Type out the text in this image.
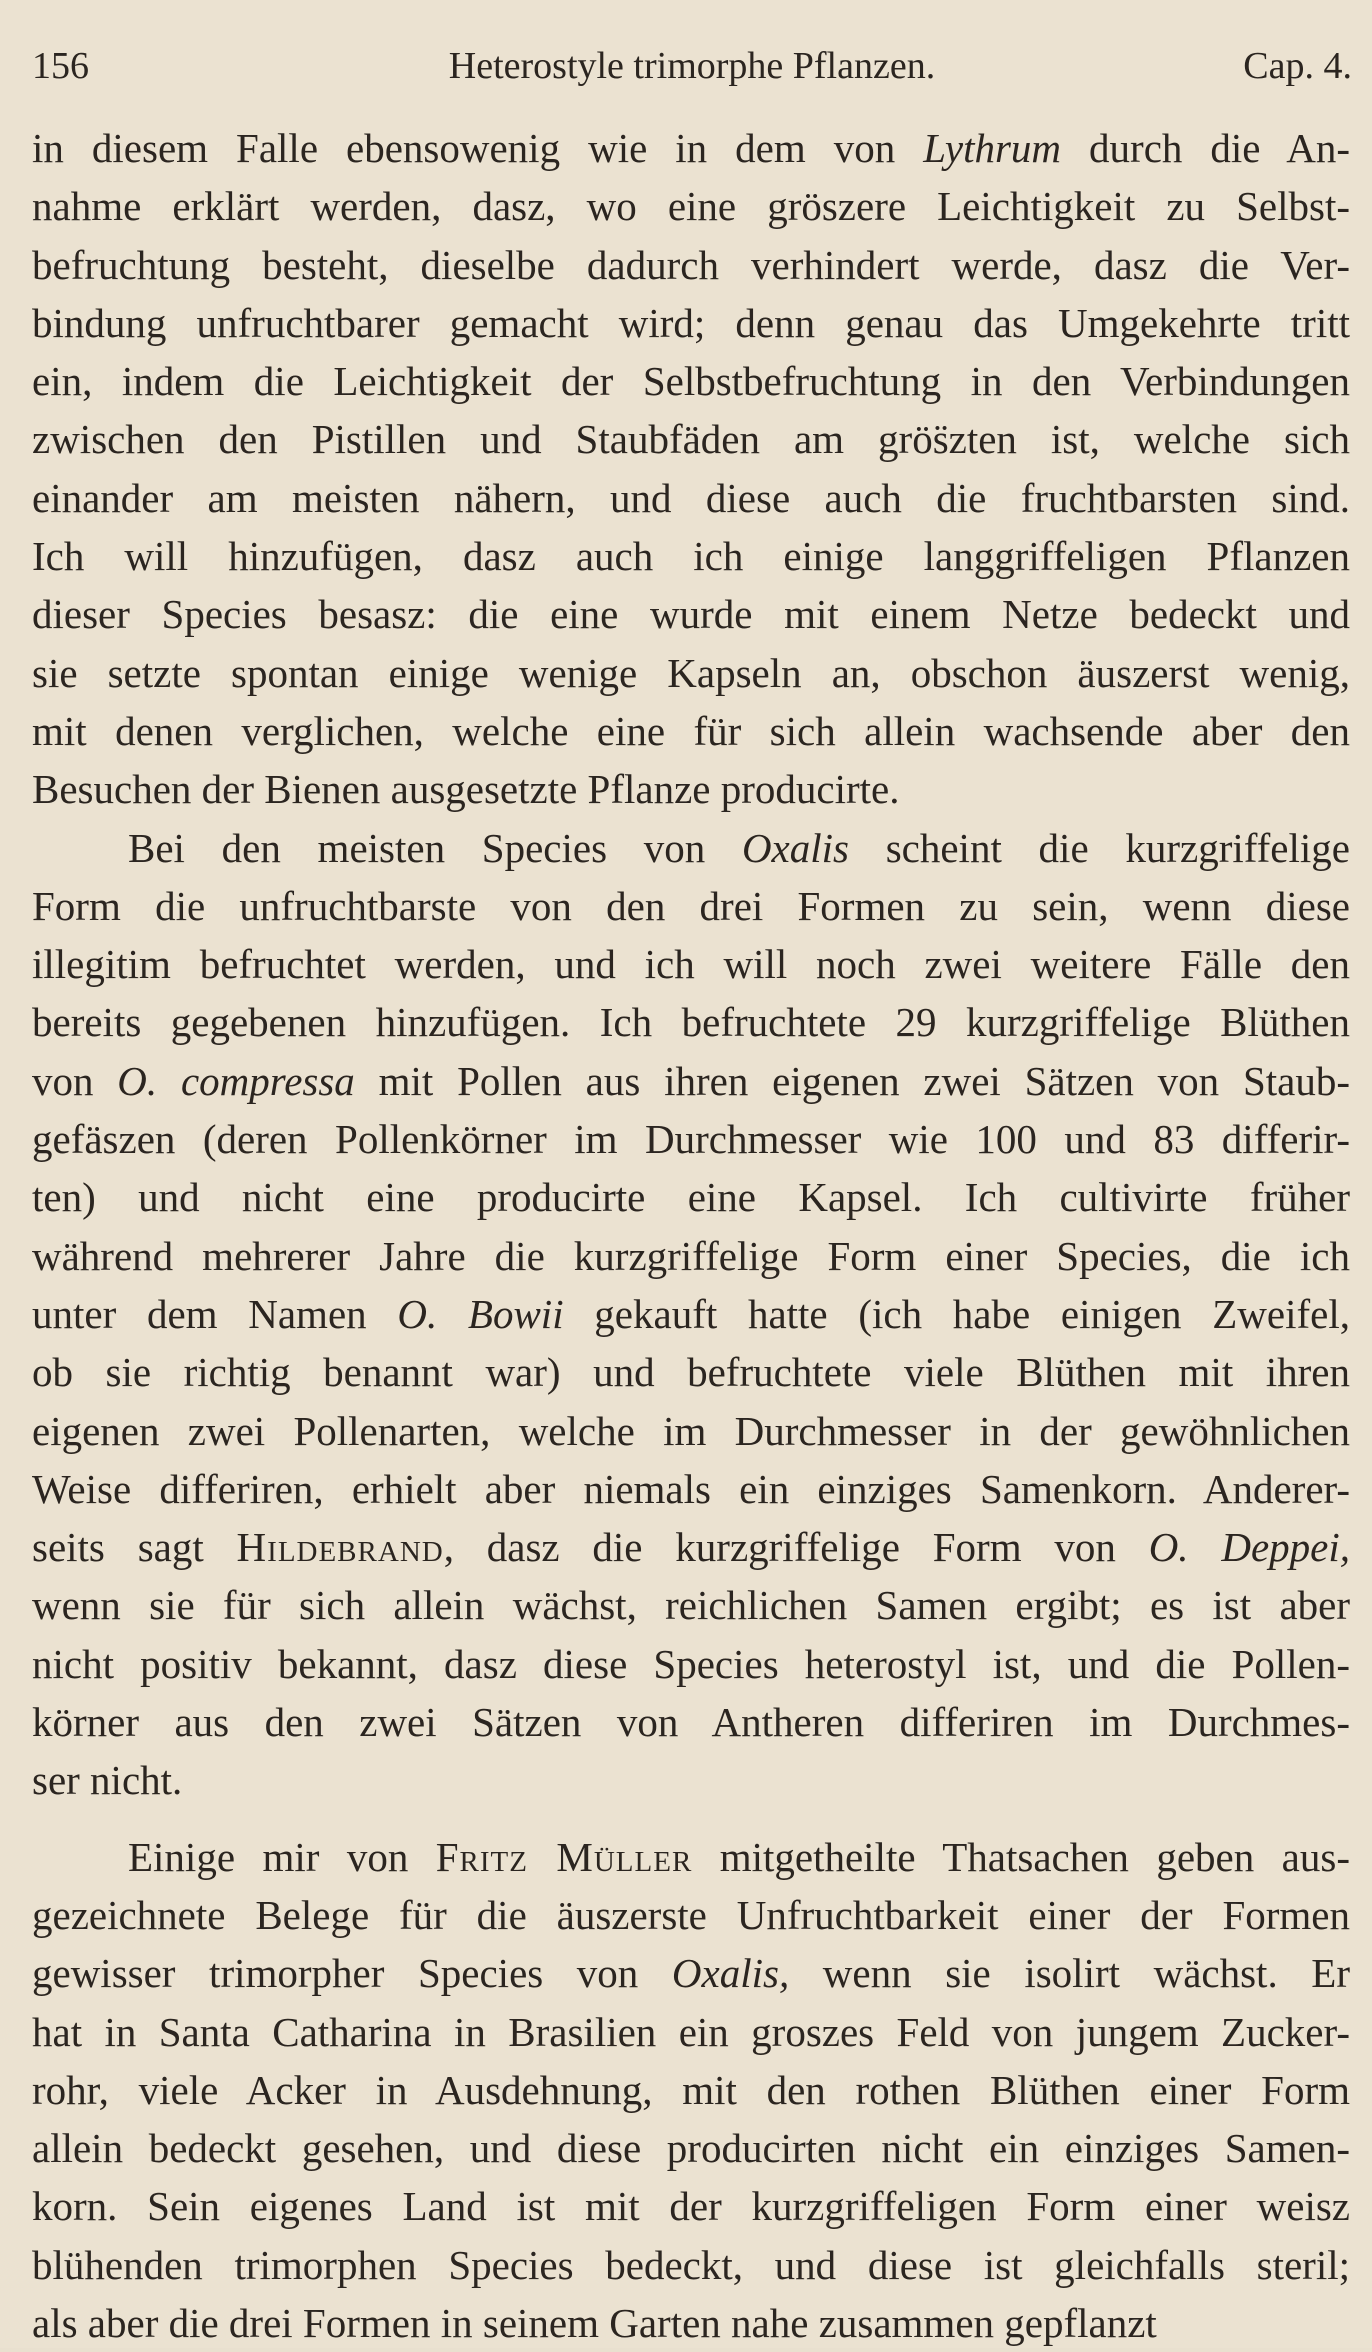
156	Heterostyle trimorphe Pflanzen.	Cap. 4.
in diesem Falle ebensowenig wie in dem von Lythrum durch die An-
nahme erklärt werden, dasz, wo eine gröszere Leichtigkeit zu Selbst-
befruchtung besteht, dieselbe dadurch verhindert werde, dasz die Ver-
bindung unfruchtbarer gemacht wird; denn genau das Umgekehrte tritt
ein, indem die Leichtigkeit der Selbstbefruchtung in den Verbindungen
zwischen den Pistillen und Staubfäden am grös̈zten ist, welche sich
einander am meisten nähern, und diese auch die fruchtbarsten sind.
Ich will hinzufügen, dasz auch ich einige langgriffeligen Pflanzen
dieser Species besasz: die eine wurde mit einem Netze bedeckt und
sie setzte spontan einige wenige Kapseln an, obschon äuszerst wenig,
mit denen verglichen, welche eine für sich allein wachsende aber den
Besuchen der Bienen ausgesetzte Pflanze producirte.
Bei den meisten Species von Oxalis scheint die kurzgriffelige
Form die unfruchtbarste von den drei Formen zu sein, wenn diese
illegitim befruchtet werden, und ich will noch zwei weitere Fälle den
bereits gegebenen hinzufügen. Ich befruchtete 29 kurzgriffelige Blüthen
von O. compressa mit Pollen aus ihren eigenen zwei Sätzen von Staub-
gefäszen (deren Pollenkörner im Durchmesser wie 100 und 83 differir-
ten) und nicht eine producirte eine Kapsel. Ich cultivirte früher
während mehrerer Jahre die kurzgriffelige Form einer Species, die ich
unter dem Namen O. Bowii gekauft hatte (ich habe einigen Zweifel,
ob sie richtig benannt war) und befruchtete viele Blüthen mit ihren
eigenen zwei Pollenarten, welche im Durchmesser in der gewöhnlichen
Weise differiren, erhielt aber niemals ein einziges Samenkorn. Anderer-
seits sagt Hildebrand, dasz die kurzgriffelige Form von O. Deppei,
wenn sie für sich allein wächst, reichlichen Samen ergibt; es ist aber
nicht positiv bekannt, dasz diese Species heterostyl ist, und die Pollen-
körner aus den zwei Sätzen von Antheren differiren im Durchmes-
ser nicht.
Einige mir von Fritz Müller mitgetheilte Thatsachen geben aus-
gezeichnete Belege für die äuszerste Unfruchtbarkeit einer der Formen
gewisser trimorpher Species von Oxalis, wenn sie isolirt wächst. Er
hat in Santa Catharina in Brasilien ein groszes Feld von jungem Zucker-
rohr, viele Acker in Ausdehnung, mit den rothen Blüthen einer Form
allein bedeckt gesehen, und diese producirten nicht ein einziges Samen-
korn. Sein eigenes Land ist mit der kurzgriffeligen Form einer weisz
blühenden trimorphen Species bedeckt, und diese ist gleichfalls steril;
als aber die drei Formen in seinem Garten nahe zusammen gepflanzt
